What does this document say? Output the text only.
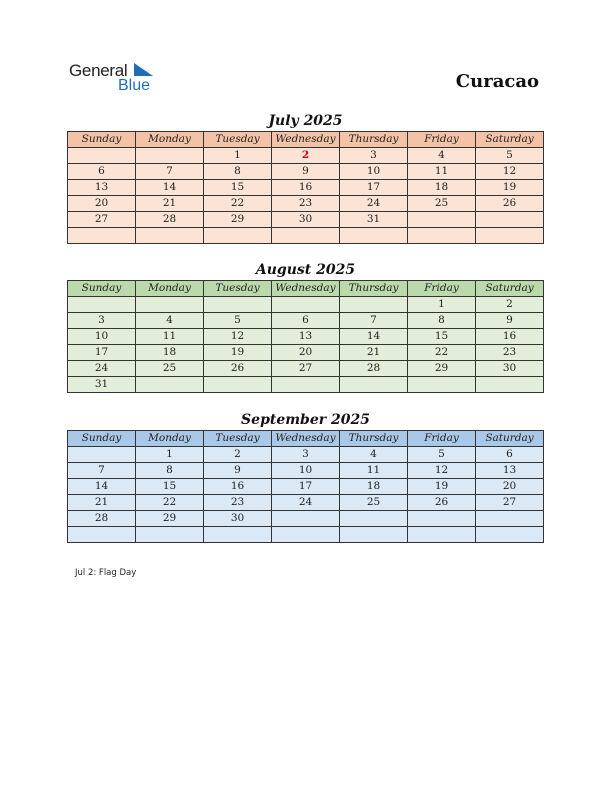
General
Blue	Curacao
July 2025
Sunday	Monday	Tuesday	Wednesday	Thursday	Friday	Saturday
		1	2	3	4	5
6	7	8	9	10	11	12
13	14	15	16	17	18	19
20	21	22	23	24	25	26
27	28	29	30	31		

August 2025
Sunday	Monday	Tuesday	Wednesday	Thursday	Friday	Saturday
					1	2
3	4	5	6	7	8	9
10	11	12	13	14	15	16
17	18	19	20	21	22	23
24	25	26	27	28	29	30
31						
September 2025
Sunday	Monday	Tuesday	Wednesday	Thursday	Friday	Saturday
	1	2	3	4	5	6
7	8	9	10	11	12	13
14	15	16	17	18	19	20
21	22	23	24	25	26	27
28	29	30				

Jul 2: Flag Day
